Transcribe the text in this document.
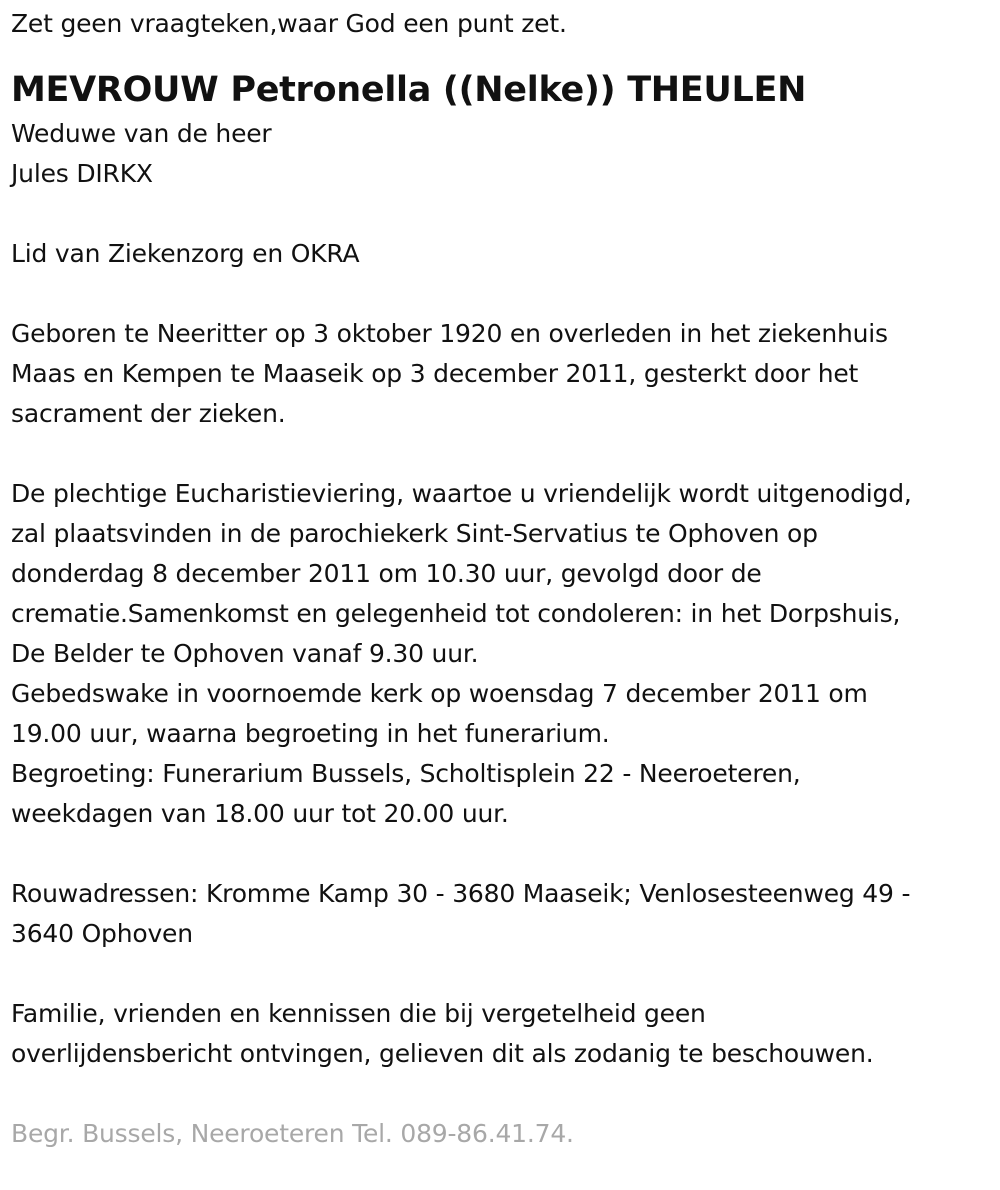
Zet geen vraagteken,waar God een punt zet.
MEVROUW Petronella ((Nelke)) THEULEN
Weduwe van de heer
Jules DIRKX
Lid van Ziekenzorg en OKRA
Geboren te Neeritter op 3 oktober 1920 en overleden in het ziekenhuis
Maas en Kempen te Maaseik op 3 december 2011, gesterkt door het
sacrament der zieken.
De plechtige Eucharistieviering, waartoe u vriendelijk wordt uitgenodigd,
zal plaatsvinden in de parochiekerk Sint-Servatius te Ophoven op
donderdag 8 december 2011 om 10.30 uur, gevolgd door de
crematie.Samenkomst en gelegenheid tot condoleren: in het Dorpshuis,
De Belder te Ophoven vanaf 9.30 uur.
Gebedswake in voornoemde kerk op woensdag 7 december 2011 om
19.00 uur, waarna begroeting in het funerarium.
Begroeting: Funerarium Bussels, Scholtisplein 22 - Neeroeteren,
weekdagen van 18.00 uur tot 20.00 uur.
Rouwadressen: Kromme Kamp 30 - 3680 Maaseik; Venlosesteenweg 49 -
3640 Ophoven
Familie, vrienden en kennissen die bij vergetelheid geen
overlijdensbericht ontvingen, gelieven dit als zodanig te beschouwen.
Begr. Bussels, Neeroeteren Tel. 089-86.41.74.
